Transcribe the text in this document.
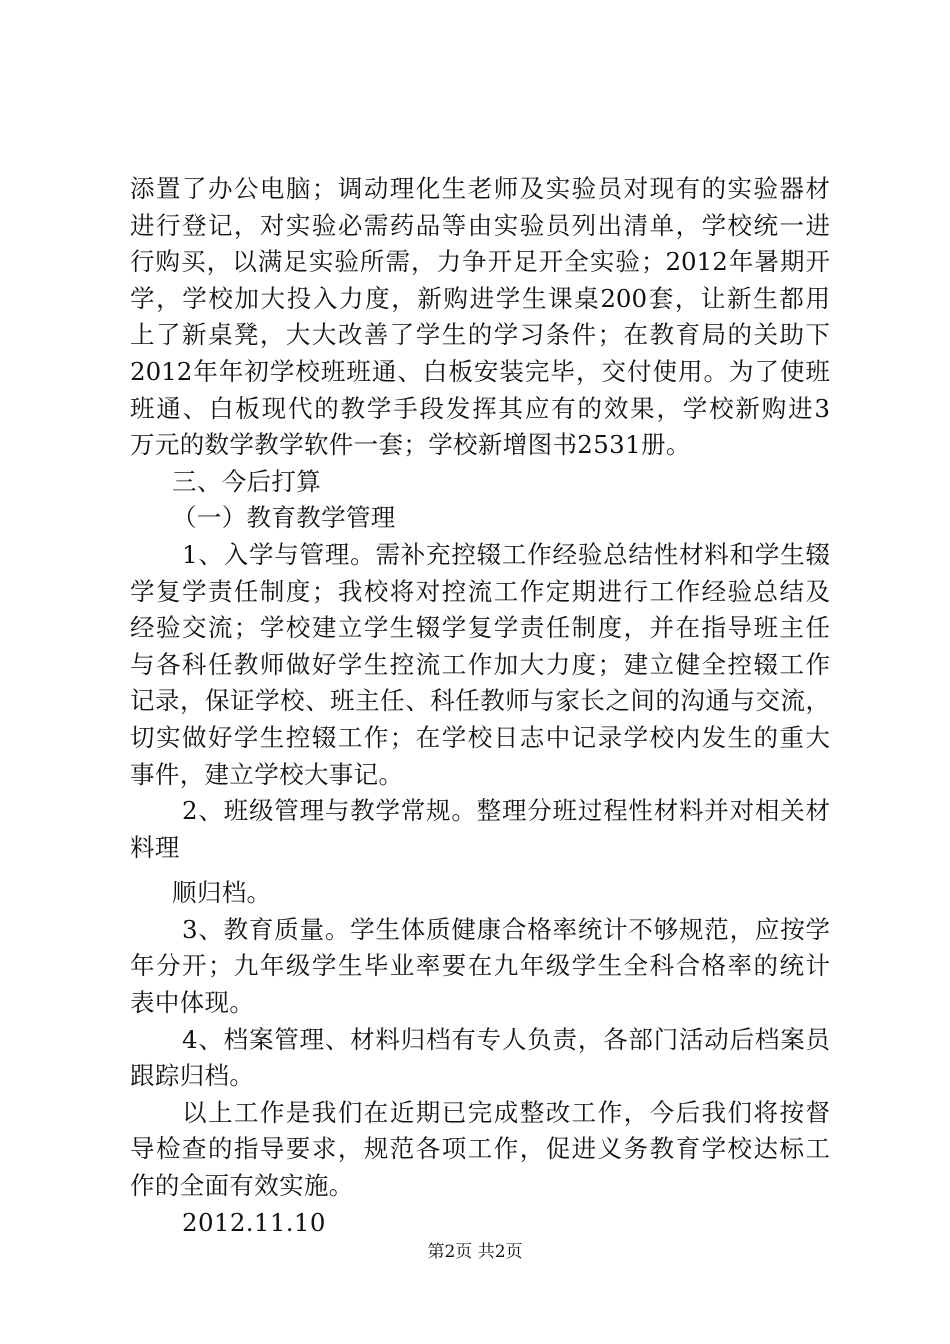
添置了办公电脑；调动理化生老师及实验员对现有的实验器材
进行登记，对实验必需药品等由实验员列出清单，学校统一进
行购买，以满足实验所需，力争开足开全实验；2012年暑期开
学，学校加大投入力度，新购进学生课桌200套，让新生都用
上了新桌凳，大大改善了学生的学习条件；在教育局的关助下
2012年年初学校班班通、白板安装完毕，交付使用。为了使班
班通、白板现代的教学手段发挥其应有的效果，学校新购进3
万元的数学教学软件一套；学校新增图书2531册。
三、今后打算
（一）教育教学管理
1、入学与管理。需补充控辍工作经验总结性材料和学生辍
学复学责任制度；我校将对控流工作定期进行工作经验总结及
经验交流；学校建立学生辍学复学责任制度，并在指导班主任
与各科任教师做好学生控流工作加大力度；建立健全控辍工作
记录，保证学校、班主任、科任教师与家长之间的沟通与交流，
切实做好学生控辍工作；在学校日志中记录学校内发生的重大
事件，建立学校大事记。
2、班级管理与教学常规。整理分班过程性材料并对相关材
料理
顺归档。
3、教育质量。学生体质健康合格率统计不够规范，应按学
年分开；九年级学生毕业率要在九年级学生全科合格率的统计
表中体现。
4、档案管理、材料归档有专人负责，各部门活动后档案员
跟踪归档。
以上工作是我们在近期已完成整改工作，今后我们将按督
导检查的指导要求，规范各项工作，促进义务教育学校达标工
作的全面有效实施。
2012.11.10
第2页 共2页
